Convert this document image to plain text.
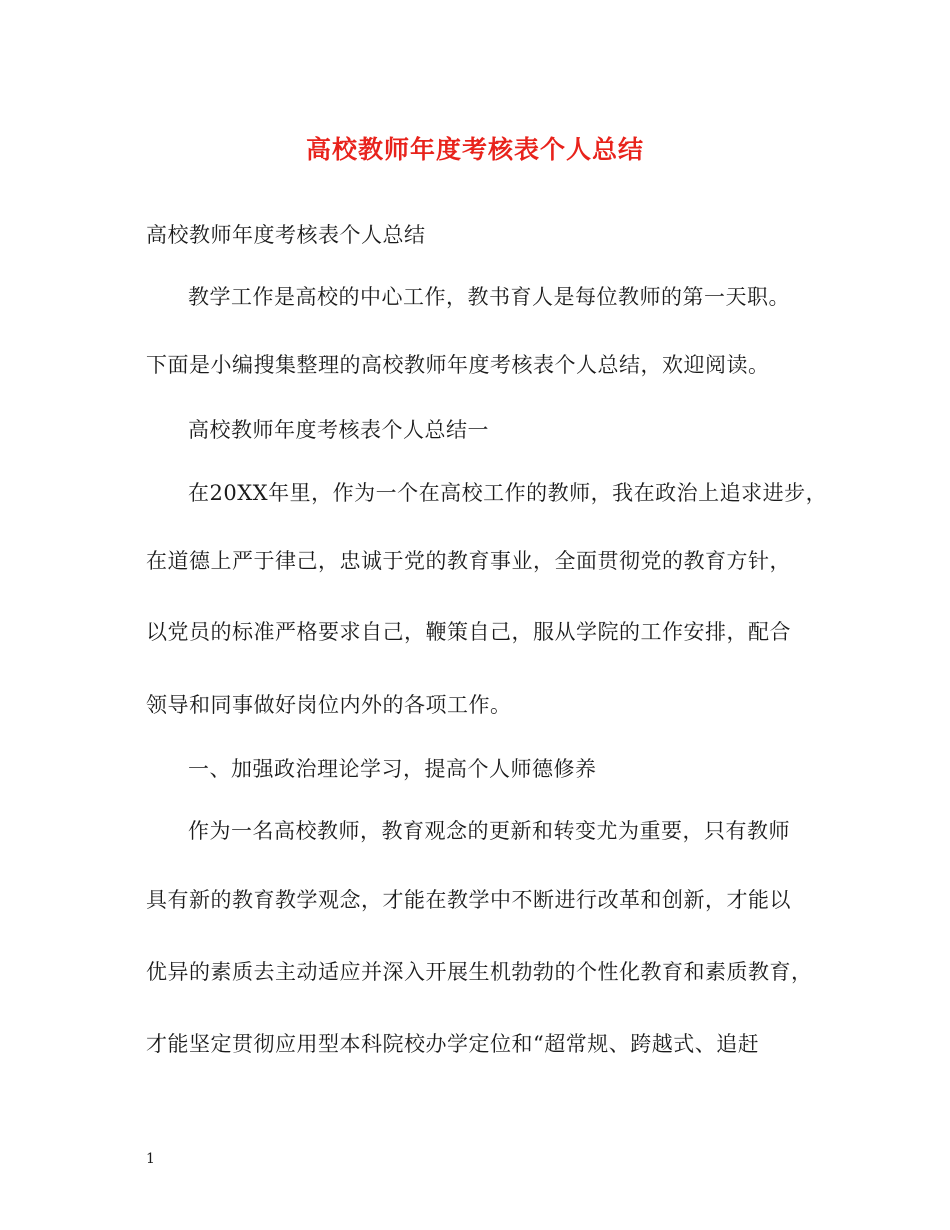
高校教师年度考核表个人总结
高校教师年度考核表个人总结
教学工作是高校的中心工作，教书育人是每位教师的第一天职。
下面是小编搜集整理的高校教师年度考核表个人总结，欢迎阅读。
高校教师年度考核表个人总结一
在20XX年里，作为一个在高校工作的教师，我在政治上追求进步，
在道德上严于律己，忠诚于党的教育事业，全面贯彻党的教育方针，
以党员的标准严格要求自己，鞭策自己，服从学院的工作安排，配合
领导和同事做好岗位内外的各项工作。
一、加强政治理论学习，提高个人师德修养
作为一名高校教师，教育观念的更新和转变尤为重要，只有教师
具有新的教育教学观念，才能在教学中不断进行改革和创新，才能以
优异的素质去主动适应并深入开展生机勃勃的个性化教育和素质教育，
才能坚定贯彻应用型本科院校办学定位和“超常规、跨越式、追赶
1
